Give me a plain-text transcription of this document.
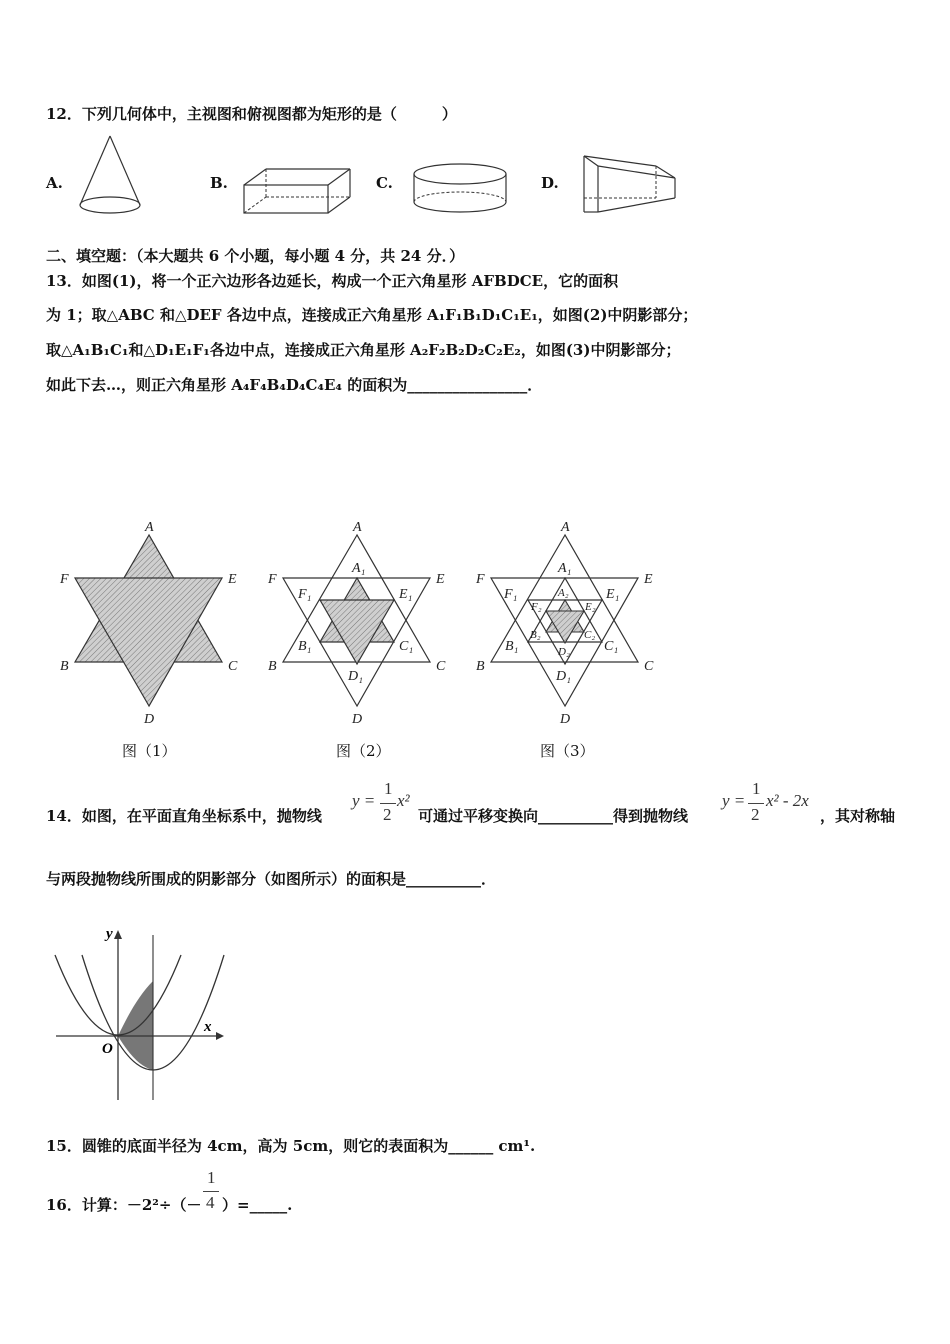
12．下列几何体中，主视图和俯视图都为矩形的是（　　　）
A.	B.	C.	D.
二、填空题：（本大题共 6 个小题，每小题 4 分，共 24 分．）
13．如图(1)，将一个正六边形各边延长，构成一个正六角星形 AFBDCE，它的面积
为 1；取△ABC 和△DEF 各边中点，连接成正六角星形 A₁F₁B₁D₁C₁E₁，如图(2)中阴影部分；
取△A₁B₁C₁和△D₁E₁F₁各边中点，连接成正六角星形 A₂F₂B₂D₂C₂E₂，如图(3)中阴影部分；
如此下去…，则正六角星形 A₄F₄B₄D₄C₄E₄ 的面积为________________．
A
F	E
B	C
D
A
F	E
B	C
D
A₁
F₁	E₁
B₁	C₁
D₁
A
F	E
B	C
D
A₁
F₁	E₁
B₁	C₁
D₁
A₂
F₂	E₂
B₂	C₂
D₂
图（1）	图（2）	图（3）
14．如图，在平面直角坐标系中，抛物线
y =
1
2
x²
可通过平移变换向__________得到抛物线
y =
1
2
x² - 2x
，其对称轴
与两段抛物线所围成的阴影部分（如图所示）的面积是__________．
y
x
O
15．圆锥的底面半径为 4cm，高为 5cm，则它的表面积为______ cm¹.
16．计算：－2²÷（－
1
4 ）=_____.
